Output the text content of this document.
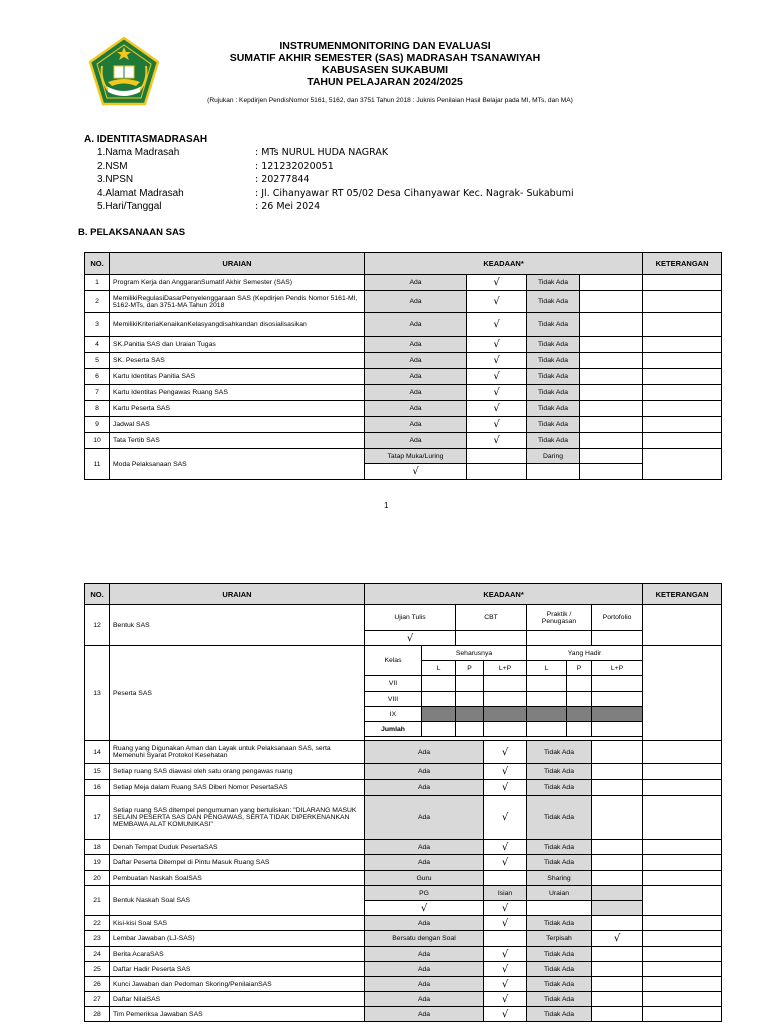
INSTRUMENMONITORING DAN EVALUASI
SUMATIF AKHIR SEMESTER (SAS) MADRASAH TSANAWIYAH
KABUSASEN SUKABUMI
TAHUN PELAJARAN 2024/2025
(Rujukan : Kepdirjen PendisNomor 5161, 5162, dan 3751 Tahun 2018 : Juknis Penilaian Hasil Belajar pada MI, MTs, dan MA)
A. IDENTITASMADRASAH
1.Nama Madrasah	: MTs NURUL HUDA NAGRAK
2.NSM	: 121232020051
3.NPSN	: 20277844
4.Alamat Madrasah	: Jl. Cihanyawar RT 05/02 Desa Cihanyawar Kec. Nagrak- Sukabumi
5.Hari/Tanggal	: 26 Mei 2024
B. PELAKSANAAN SAS
NO.	URAIAN	KEADAAN*				KETERANGAN
1	Program Kerja dan AnggaranSumatif Akhir Semester (SAS)	Ada	√	Tidak Ada		
2	MemilikiRegulasiDasarPenyelenggaraan SAS (Kepdirjen Pendis Nomor 5161-MI, 5162-MTs, dan 3751-MA Tahun 2018	Ada	√	Tidak Ada		
3	MemilikiKriteriaKenaikanKelasyangdisahkandan disosialisasikan	Ada	√	Tidak Ada		
4	SK.Panitia SAS dan Uraian Tugas	Ada	√	Tidak Ada		
5	SK. Peserta SAS	Ada	√	Tidak Ada		
6	Kartu Identitas Panitia SAS	Ada	√	Tidak Ada		
7	Kartu Identitas Pengawas Ruang SAS	Ada	√	Tidak Ada		
8	Kartu Peserta SAS	Ada	√	Tidak Ada		
9	Jadwal SAS	Ada	√	Tidak Ada		
10	Tata Tertib SAS	Ada	√	Tidak Ada		
11	Moda Pelaksanaan SAS	Tatap Muka/Luring		Daring		
		√				
1
NO.	URAIAN	KEADAAN*							KETERANGAN
12	Bentuk SAS	Ujian Tulis		CBT		Praktik / Penugasan		Portofolio	
		√							
13	Peserta SAS	Kelas	Seharusnya			Yang Hadir			
			L	P	L+P	L	P	L+P	
		VII							
		VIII							
		IX							
		Jumlah							

14	Ruang yang Digunakan Aman dan Layak untuk Pelaksanaan SAS, serta Memenuhi Syarat Protokol Kesehatan	Ada			√	Tidak Ada			
15	Setiap ruang SAS diawasi oleh satu orang pengawas ruang	Ada			√	Tidak Ada			
16	Setiap Meja dalam Ruang SAS Diberi Nomor PesertaSAS	Ada			√	Tidak Ada			
17	Setiap ruang SAS ditempel pengumuman yang bertuliskan: "DILARANG MASUK SELAIN PESERTA SAS DAN PENGAWAS, SERTA TIDAK DIPERKENANKAN MEMBAWA ALAT KOMUNIKASI"	Ada			√	Tidak Ada			
18	Denah Tempat Duduk PesertaSAS	Ada			√	Tidak Ada			
19	Daftar Peserta Ditempel di Pintu Masuk Ruang SAS	Ada			√	Tidak Ada			
20	Pembuatan Naskah SoalSAS	Guru				Sharing			
21	Bentuk Naskah Soal SAS	PG			Isian	Uraian			
		√			√				
22	Kisi-kisi Soal SAS	Ada			√	Tidak Ada			
23	Lembar Jawaban (LJ-SAS)	Bersatu dengan Soal				Terpisah		√	
24	Berita AcaraSAS	Ada			√	Tidak Ada			
25	Daftar Hadir Peserta SAS	Ada			√	Tidak Ada			
26	Kunci Jawaban dan Pedoman Skoring/PenilaianSAS	Ada			√	Tidak Ada			
27	Daftar NilaiSAS	Ada			√	Tidak Ada			
28	Tim Pemeriksa Jawaban SAS	Ada			√	Tidak Ada			
